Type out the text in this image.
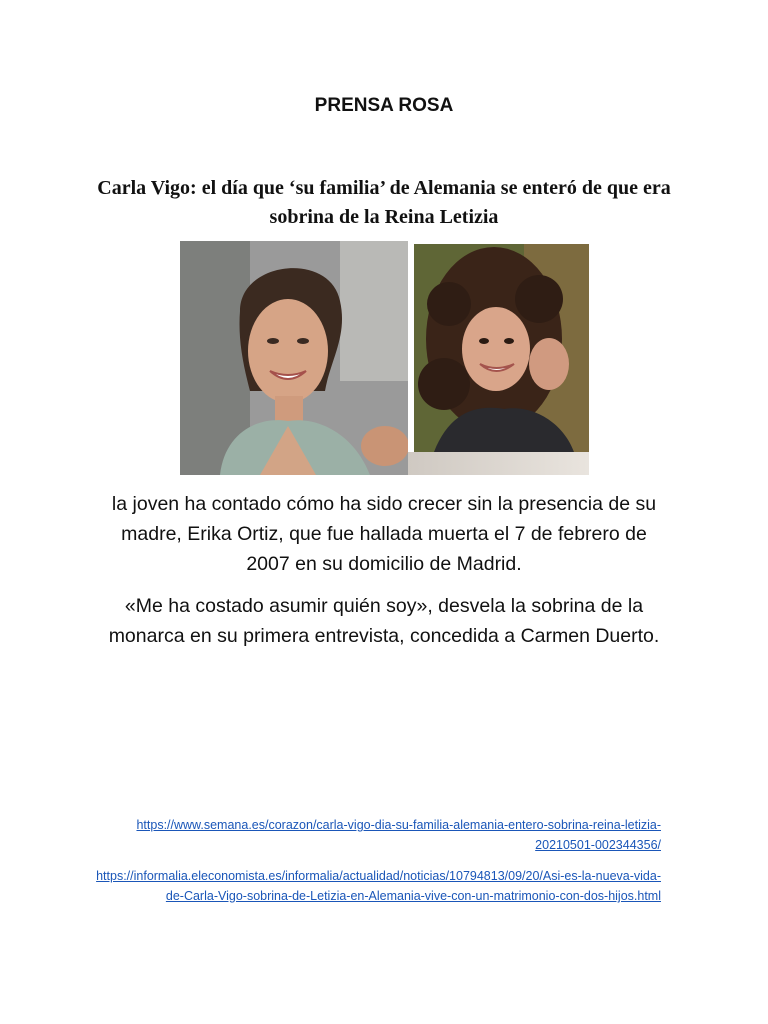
PRENSA ROSA
Carla Vigo: el día que ‘su familia’ de Alemania se enteró de que era sobrina de la Reina Letizia

la joven ha contado cómo ha sido crecer sin la presencia de su madre, Erika Ortiz, que fue hallada muerta el 7 de febrero de 2007 en su domicilio de Madrid.

«Me ha costado asumir quién soy», desvela la sobrina de la monarca en su primera entrevista, concedida a Carmen Duerto.

https://www.semana.es/corazon/carla-vigo-dia-su-familia-alemania-entero-sobrina-reina-letizia-20210501-002344356/
https://informalia.eleconomista.es/informalia/actualidad/noticias/10794813/09/20/Asi-es-la-nueva-vida-de-Carla-Vigo-sobrina-de-Letizia-en-Alemania-vive-con-un-matrimonio-con-dos-hijos.html
